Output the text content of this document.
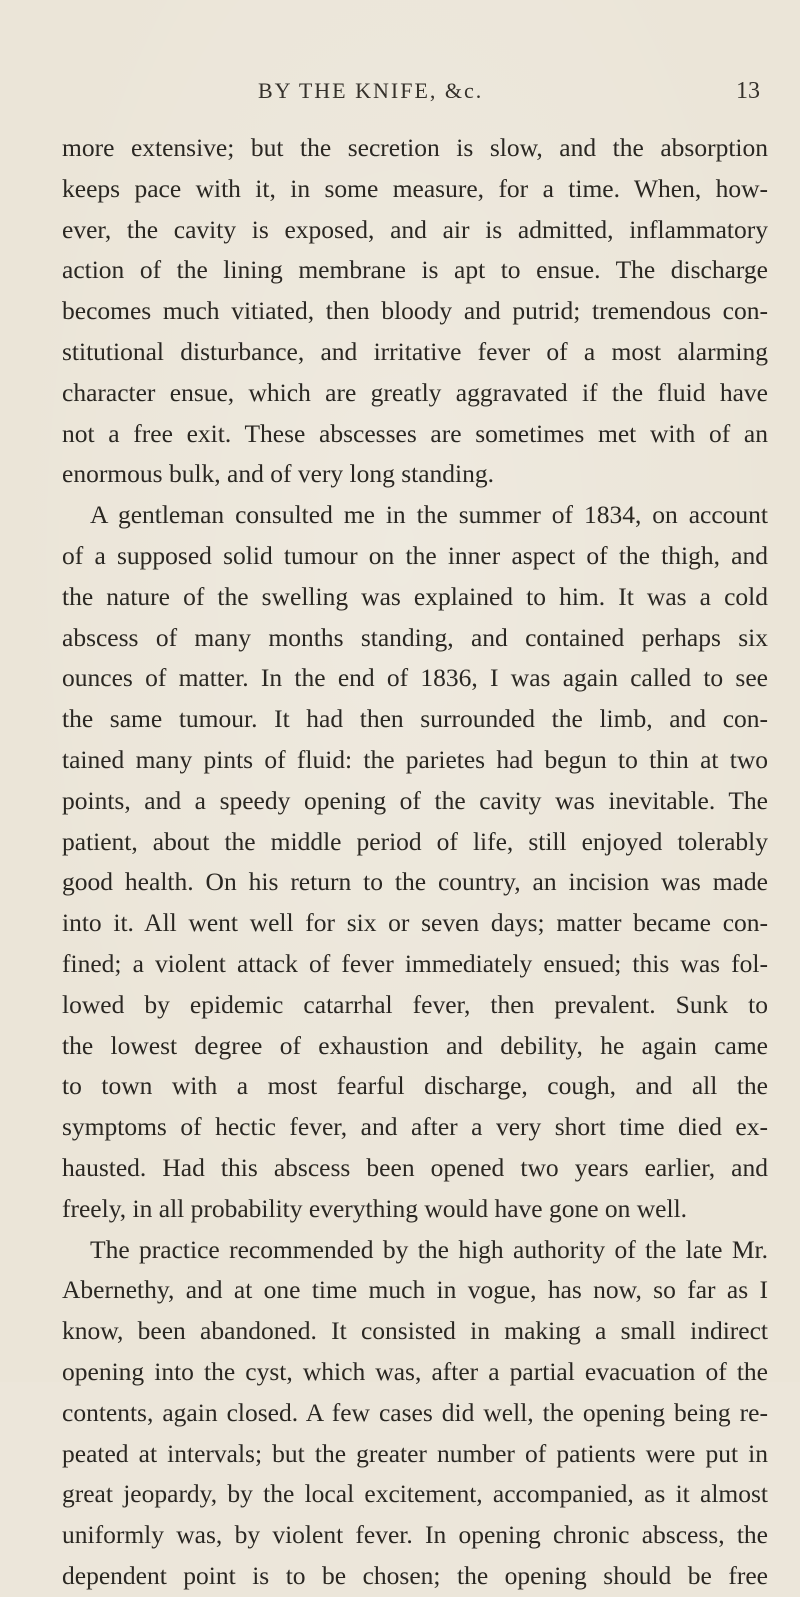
BY THE KNIFE, &c.	13
more extensive; but the secretion is slow, and the absorption
keeps pace with it, in some measure, for a time. When, how-
ever, the cavity is exposed, and air is admitted, inflammatory
action of the lining membrane is apt to ensue. The discharge
becomes much vitiated, then bloody and putrid; tremendous con-
stitutional disturbance, and irritative fever of a most alarming
character ensue, which are greatly aggravated if the fluid have
not a free exit. These abscesses are sometimes met with of an
enormous bulk, and of very long standing.
A gentleman consulted me in the summer of 1834, on account
of a supposed solid tumour on the inner aspect of the thigh, and
the nature of the swelling was explained to him. It was a cold
abscess of many months standing, and contained perhaps six
ounces of matter. In the end of 1836, I was again called to see
the same tumour. It had then surrounded the limb, and con-
tained many pints of fluid: the parietes had begun to thin at two
points, and a speedy opening of the cavity was inevitable. The
patient, about the middle period of life, still enjoyed tolerably
good health. On his return to the country, an incision was made
into it. All went well for six or seven days; matter became con-
fined; a violent attack of fever immediately ensued; this was fol-
lowed by epidemic catarrhal fever, then prevalent. Sunk to
the lowest degree of exhaustion and debility, he again came
to town with a most fearful discharge, cough, and all the
symptoms of hectic fever, and after a very short time died ex-
hausted. Had this abscess been opened two years earlier, and
freely, in all probability everything would have gone on well.
The practice recommended by the high authority of the late Mr.
Abernethy, and at one time much in vogue, has now, so far as I
know, been abandoned. It consisted in making a small indirect
opening into the cyst, which was, after a partial evacuation of the
contents, again closed. A few cases did well, the opening being re-
peated at intervals; but the greater number of patients were put in
great jeopardy, by the local excitement, accompanied, as it almost
uniformly was, by violent fever. In opening chronic abscess, the
dependent point is to be chosen; the opening should be free
